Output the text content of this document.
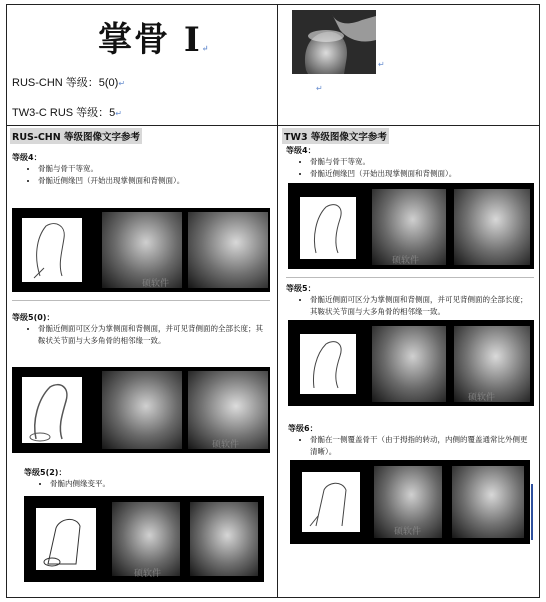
掌骨 I↵
RUS-CHN 等级：5(0)↵
TW3-C RUS 等级：5↵
↵
↵
RUS-CHN 等级图像文字参考
等级4：
• 骨骺与骨干等宽。
• 骨骺近侧缘凹（开始出现掌侧面和背侧面）。
硕软件
等级5(0)：
• 骨骺近侧面可区分为掌侧面和背侧面，并可见背侧面的全部长度；其鞍状关节面与大多角骨的相邻缘一致。
硕软件
等级5(2)：
• 骨骺内侧缘变平。
硕软件
TW3 等级图像文字参考
等级4：
• 骨骺与骨干等宽。
• 骨骺近侧缘凹（开始出现掌侧面和背侧面）。
硕软件
等级5：
• 骨骺近侧面可区分为掌侧面和背侧面，并可见背侧面的全部长度；其鞍状关节面与大多角骨的相邻缘一致。
硕软件
等级6：
• 骨骺在一侧覆盖骨干（由于拇指的转动，内侧的覆盖通常比外侧更清晰）。
硕软件
